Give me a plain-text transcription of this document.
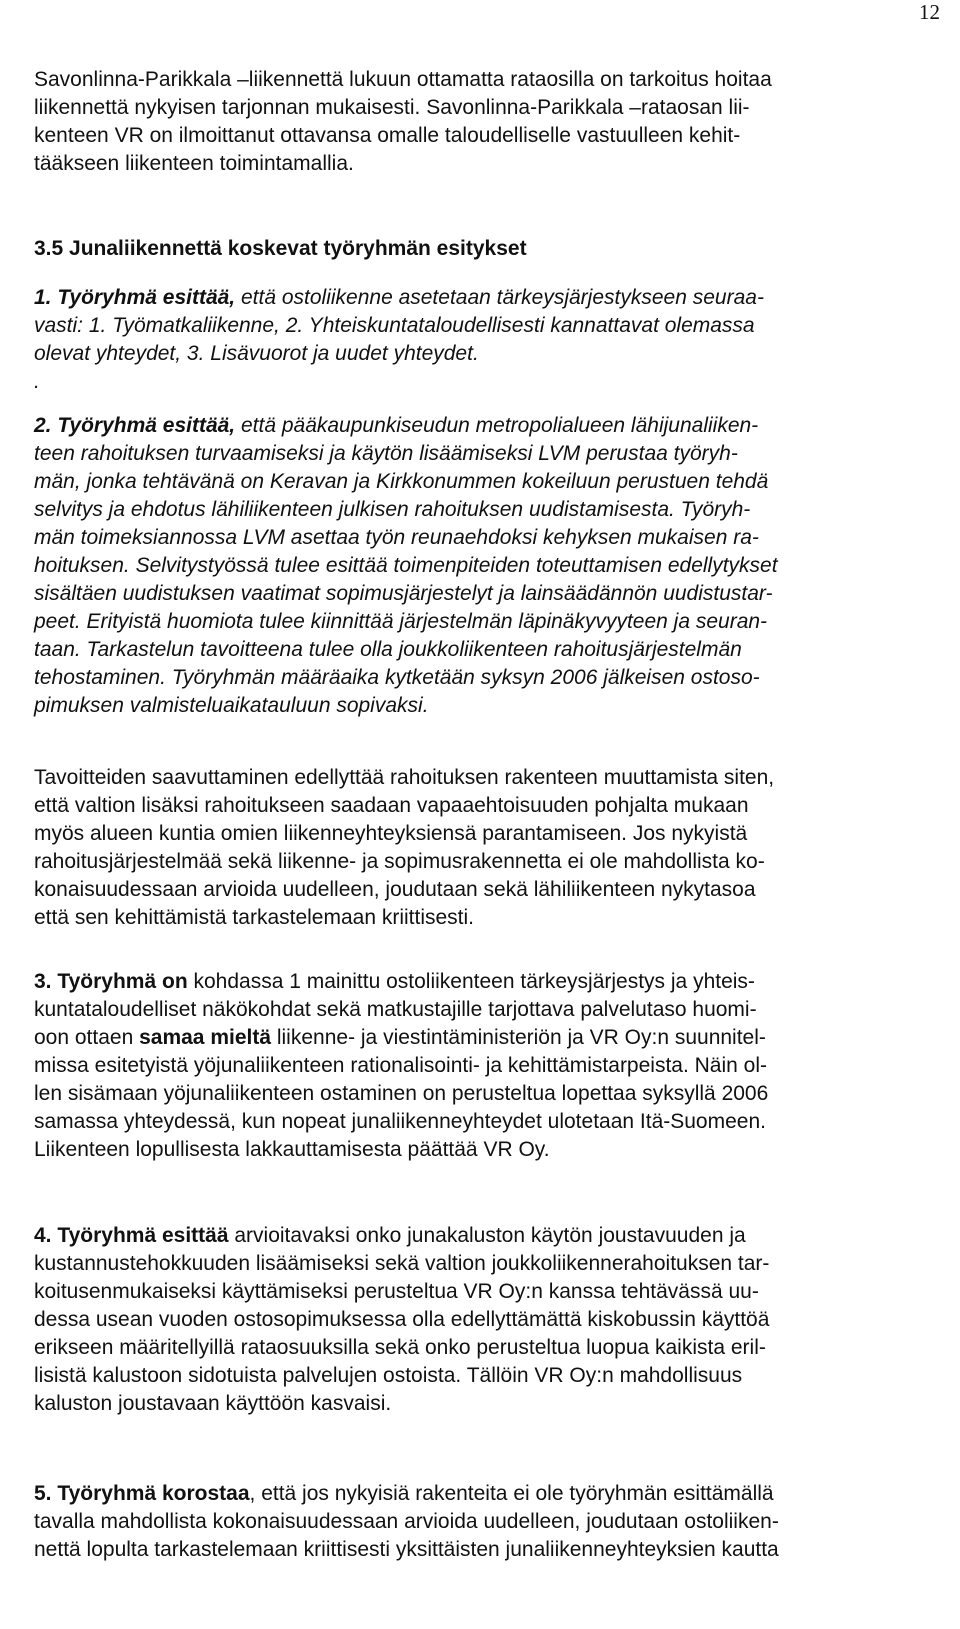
12
Savonlinna-Parikkala –liikennettä lukuun ottamatta rataosilla on tarkoitus hoitaa
liikennettä nykyisen tarjonnan mukaisesti. Savonlinna-Parikkala –rataosan lii-
kenteen VR on ilmoittanut ottavansa omalle taloudelliselle vastuulleen kehit-
tääkseen liikenteen toimintamallia.
3.5 Junaliikennettä koskevat työryhmän esitykset
1. Työryhmä esittää, että ostoliikenne asetetaan tärkeysjärjestykseen seuraa-
vasti: 1. Työmatkaliikenne, 2. Yhteiskuntataloudellisesti kannattavat olemassa
olevat yhteydet, 3. Lisävuorot ja uudet yhteydet.
.
2. Työryhmä esittää, että pääkaupunkiseudun metropolialueen lähijunaliiken-
teen rahoituksen turvaamiseksi ja käytön lisäämiseksi LVM perustaa työryh-
män, jonka tehtävänä on Keravan ja Kirkkonummen kokeiluun perustuen tehdä
selvitys ja ehdotus lähiliikenteen julkisen rahoituksen uudistamisesta. Työryh-
män toimeksiannossa LVM asettaa työn reunaehdoksi kehyksen mukaisen ra-
hoituksen. Selvitystyössä tulee esittää toimenpiteiden toteuttamisen edellytykset
sisältäen uudistuksen vaatimat sopimusjärjestelyt ja lainsäädännön uudistustar-
peet. Erityistä huomiota tulee kiinnittää järjestelmän läpinäkyvyyteen ja seuran-
taan. Tarkastelun tavoitteena tulee olla joukkoliikenteen rahoitusjärjestelmän
tehostaminen. Työryhmän määräaika kytketään syksyn 2006 jälkeisen ostoso-
pimuksen valmisteluaikatauluun sopivaksi.
Tavoitteiden saavuttaminen edellyttää rahoituksen rakenteen muuttamista siten,
että valtion lisäksi rahoitukseen saadaan vapaaehtoisuuden pohjalta mukaan
myös alueen kuntia omien liikenneyhteyksiensä parantamiseen. Jos nykyistä
rahoitusjärjestelmää sekä liikenne- ja sopimusrakennetta ei ole mahdollista ko-
konaisuudessaan arvioida uudelleen, joudutaan sekä lähiliikenteen nykytasoa
että sen kehittämistä tarkastelemaan kriittisesti.
3. Työryhmä on kohdassa 1 mainittu ostoliikenteen tärkeysjärjestys ja yhteis-
kuntataloudelliset näkökohdat sekä matkustajille tarjottava palvelutaso huomi-
oon ottaen samaa mieltä liikenne- ja viestintäministeriön ja VR Oy:n suunnitel-
missa esitetyistä yöjunaliikenteen rationalisointi- ja kehittämistarpeista. Näin ol-
len sisämaan yöjunaliikenteen ostaminen on perusteltua lopettaa syksyllä 2006
samassa yhteydessä, kun nopeat junaliikenneyhteydet ulotetaan Itä-Suomeen.
Liikenteen lopullisesta lakkauttamisesta päättää VR Oy.
4. Työryhmä esittää arvioitavaksi onko junakaluston käytön joustavuuden ja
kustannustehokkuuden lisäämiseksi sekä valtion joukkoliikennerahoituksen tar-
koitusenmukaiseksi käyttämiseksi perusteltua VR Oy:n kanssa tehtävässä uu-
dessa usean vuoden ostosopimuksessa olla edellyttämättä kiskobussin käyttöä
erikseen määritellyillä rataosuuksilla sekä onko perusteltua luopua kaikista eril-
lisistä kalustoon sidotuista palvelujen ostoista. Tällöin VR Oy:n mahdollisuus
kaluston joustavaan käyttöön kasvaisi.
5. Työryhmä korostaa, että jos nykyisiä rakenteita ei ole työryhmän esittämällä
tavalla mahdollista kokonaisuudessaan arvioida uudelleen, joudutaan ostoliiken-
nettä lopulta tarkastelemaan kriittisesti yksittäisten junaliikenneyhteyksien kautta
